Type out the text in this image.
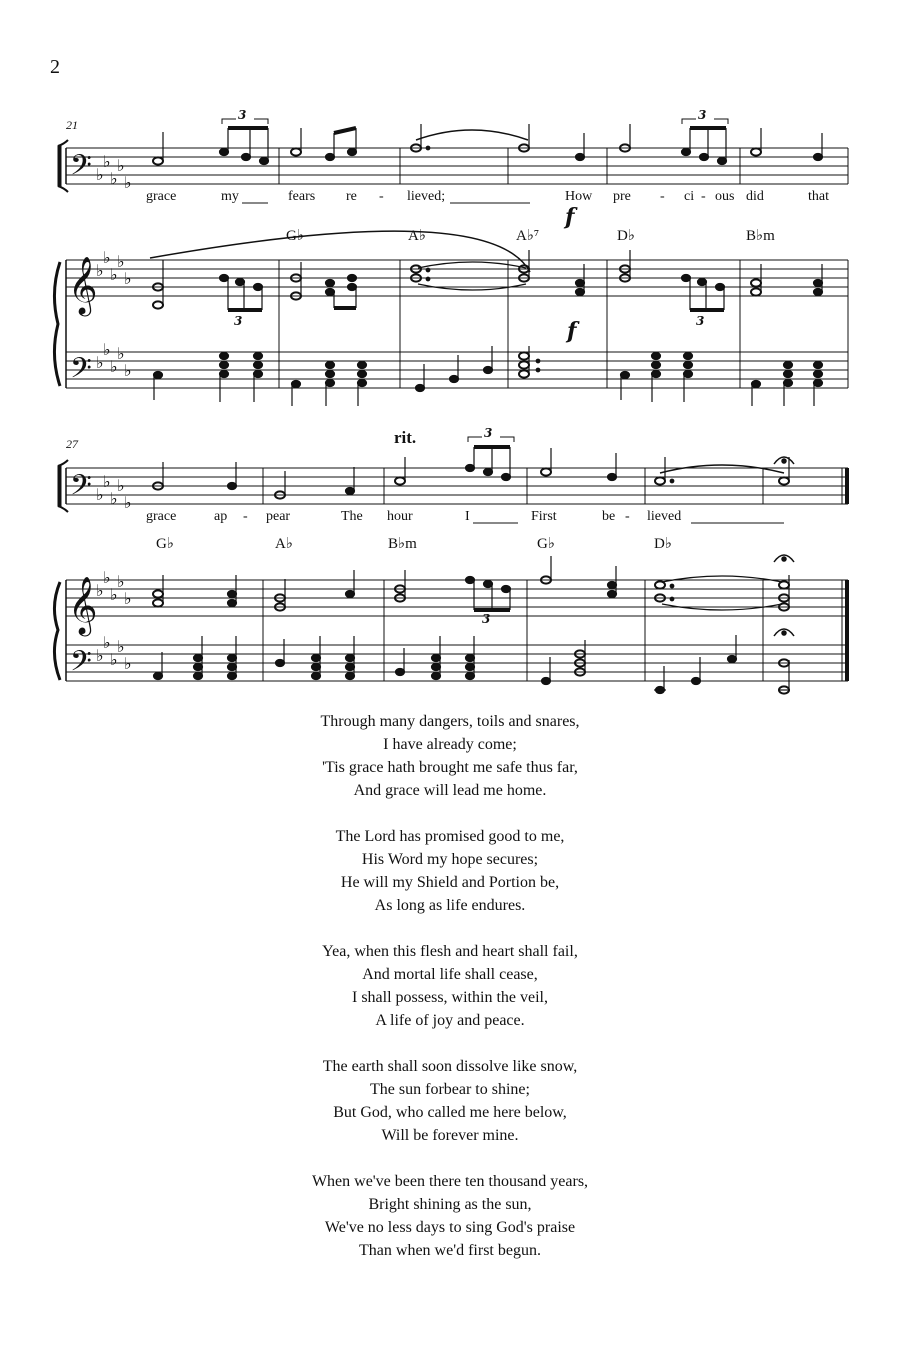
2
21
𝄢
𝄞
𝄢
♭
♭
♭
♭
♭
♭
♭
♭
♭
♭
♭
♭
♭
♭
♭
3	3
3	3
grace	my	fears re - lieved;	How pre - ci - ous did	that
f
f
G♭	A♭	A♭⁷	D♭	B♭m
27	rit.
𝄢
𝄞
𝄢
♭
♭
♭
♭
♭
♭
♭
♭
♭
♭
♭
♭
♭
♭
♭
3
3
grace	ap - pear	The hour	I	First	be - lieved
G♭	A♭	B♭m	G♭	D♭
Through many dangers, toils and snares,
I have already come;
'Tis grace hath brought me safe thus far,
And grace will lead me home.
The Lord has promised good to me,
His Word my hope secures;
He will my Shield and Portion be,
As long as life endures.
Yea, when this flesh and heart shall fail,
And mortal life shall cease,
I shall possess, within the veil,
A life of joy and peace.
The earth shall soon dissolve like snow,
The sun forbear to shine;
But God, who called me here below,
Will be forever mine.
When we've been there ten thousand years,
Bright shining as the sun,
We've no less days to sing God's praise
Than when we'd first begun.
